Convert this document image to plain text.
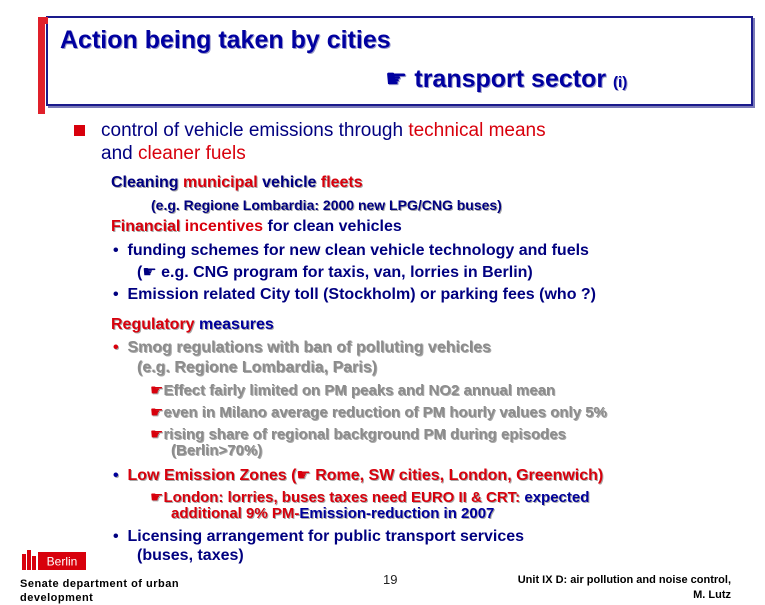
Action being taken by cities
☛ transport sector (i)
control of vehicle emissions through technical means
and cleaner fuels
Cleaning municipal vehicle fleets
(e.g. Regione Lombardia: 2000 new LPG/CNG buses)
Financial incentives for clean vehicles
• funding schemes for new clean vehicle technology and fuels
(☛ e.g. CNG program for taxis, van, lorries in Berlin)
• Emission related City toll (Stockholm) or parking fees (who ?)
Regulatory measures
• Smog regulations with ban of polluting vehicles
(e.g. Regione Lombardia, Paris)
☛Effect fairly limited on PM peaks and NO2 annual mean
☛even in Milano average reduction of PM hourly values only 5%
☛rising share of regional background PM during episodes
(Berlin>70%)
• Low Emission Zones (☛ Rome, SW cities, London, Greenwich)
☛London: lorries, buses taxes need EURO II & CRT: expected
additional 9% PM-Emission-reduction in 2007
• Licensing arrangement for public transport services
(buses, taxes)
Berlin
Senate department of urban
development
19	Unit IX D: air pollution and noise control,
M. Lutz
